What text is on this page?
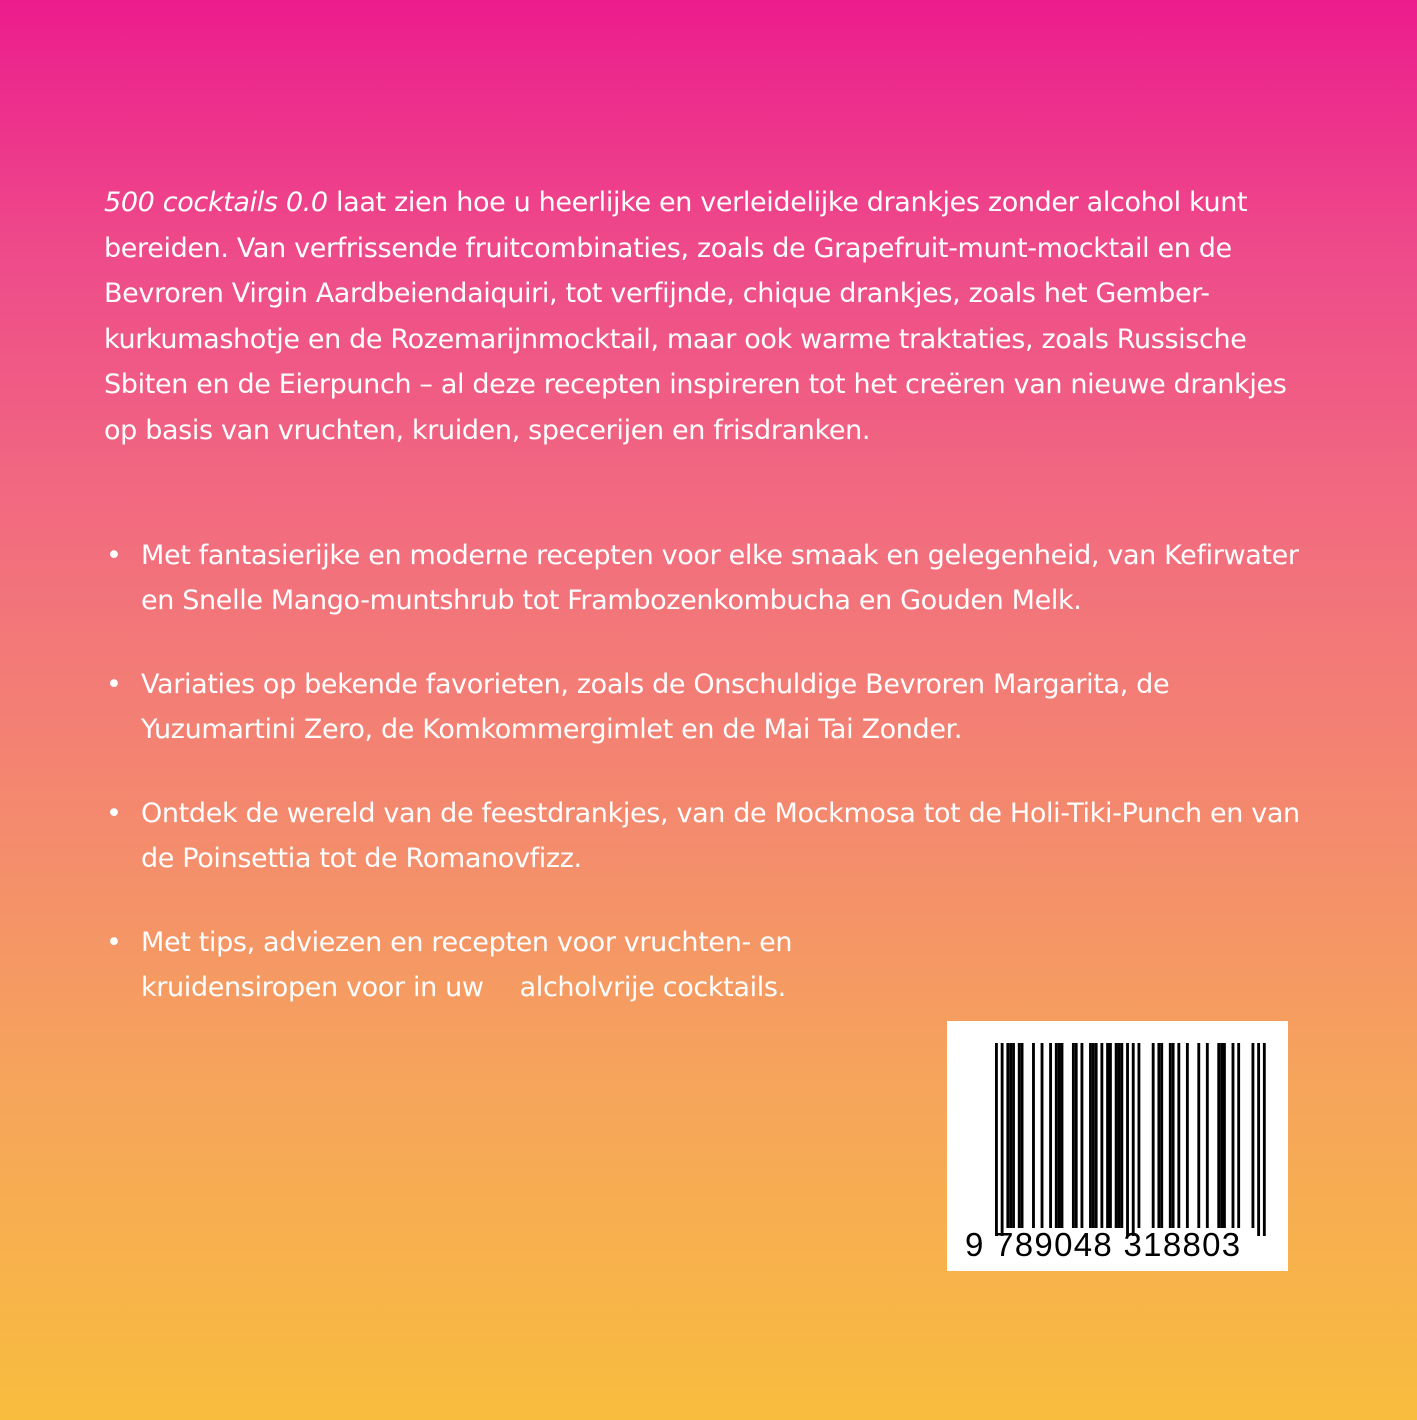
500 cocktails 0.0 laat zien hoe u heerlijke en verleidelijke drankjes zonder alcohol kunt bereiden. Van verfrissende fruitcombinaties, zoals de Grapefruit-munt-mocktail en de Bevroren Virgin Aardbeiendaiquiri, tot verfijnde, chique drankjes, zoals het Gember-kurkumashotje en de Rozemarijnmocktail, maar ook warme traktaties, zoals Russische Sbiten en de Eierpunch – al deze recepten inspireren tot het creëren van nieuwe drankjes op basis van vruchten, kruiden, specerijen en frisdranken.

• Met fantasierijke en moderne recepten voor elke smaak en gelegenheid, van Kefirwater en Snelle Mango-muntshrub tot Frambozenkombucha en Gouden Melk.
• Variaties op bekende favorieten, zoals de Onschuldige Bevroren Margarita, de Yuzumartini Zero, de Komkommergimlet en de Mai Tai Zonder.
• Ontdek de wereld van de feestdrankjes, van de Mockmosa tot de Holi-Tiki-Punch en van de Poinsettia tot de Romanovfizz.
• Met tips, adviezen en recepten voor vruchten- en kruidensiropen voor in uw alcholvrije cocktails.
9 789048 318803
